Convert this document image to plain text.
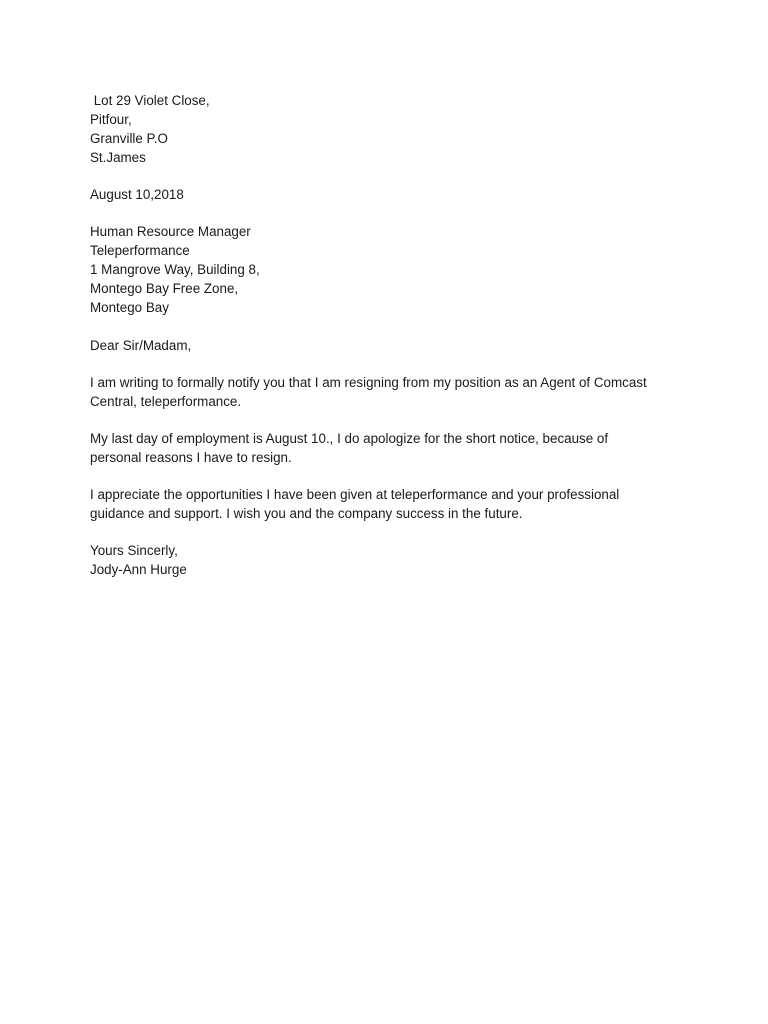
Lot 29 Violet Close,
Pitfour,
Granville P.O
St.James
August 10,2018
Human Resource Manager
Teleperformance
1 Mangrove Way, Building 8,
Montego Bay Free Zone,
Montego Bay
Dear Sir/Madam,
I am writing to formally notify you that I am resigning from my position as an Agent of Comcast
Central, teleperformance.
My last day of employment is August 10., I do apologize for the short notice, because of
personal reasons I have to resign.
I appreciate the opportunities I have been given at teleperformance and your professional
guidance and support. I wish you and the company success in the future.
Yours Sincerly,
Jody-Ann Hurge
